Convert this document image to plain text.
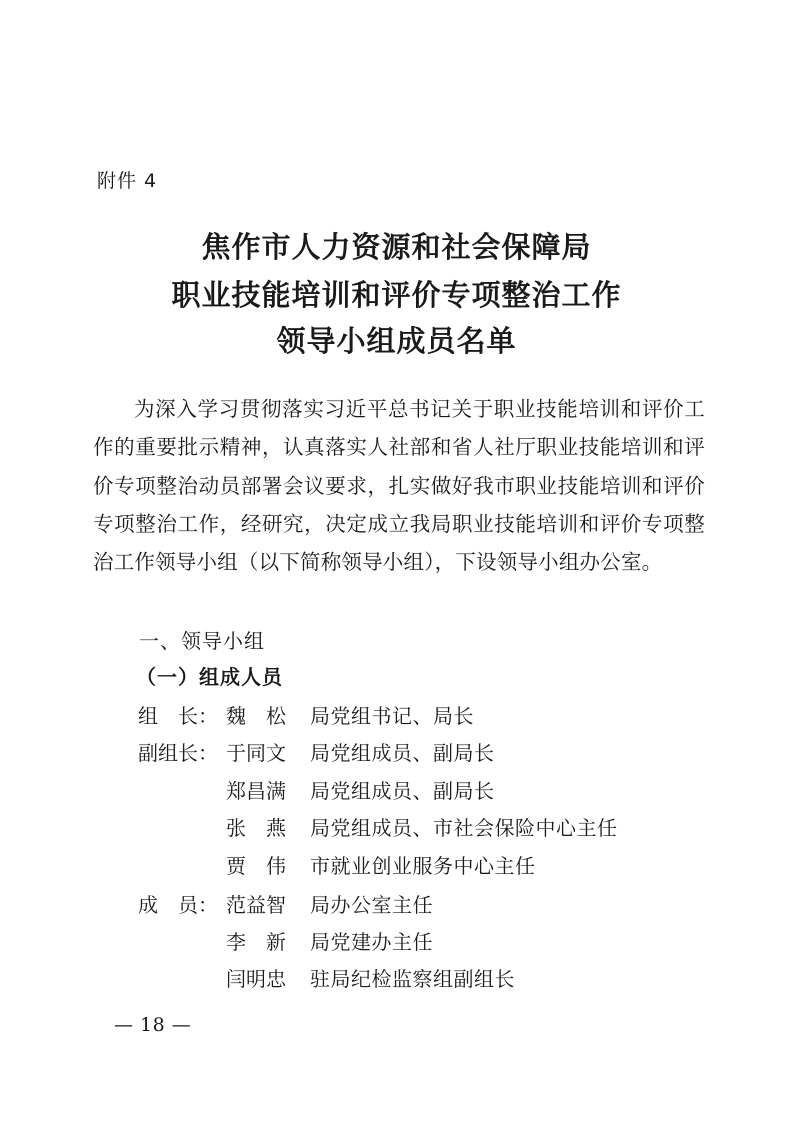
附件 4
焦作市人力资源和社会保障局
职业技能培训和评价专项整治工作
领导小组成员名单

为深入学习贯彻落实习近平总书记关于职业技能培训和评价工作的重要批示精神，认真落实人社部和省人社厅职业技能培训和评价专项整治动员部署会议要求，扎实做好我市职业技能培训和评价专项整治工作，经研究，决定成立我局职业技能培训和评价专项整治工作领导小组（以下简称领导小组），下设领导小组办公室。

一、领导小组
（一）组成人员
组　长： 魏　松 局党组书记、局长
副组长： 于同文 局党组成员、副局长
郑昌满 局党组成员、副局长
张　燕 局党组成员、市社会保险中心主任
贾　伟 市就业创业服务中心主任
成　员： 范益智 局办公室主任
李　新 局党建办主任
闫明忠 驻局纪检监察组副组长
— 18 —
